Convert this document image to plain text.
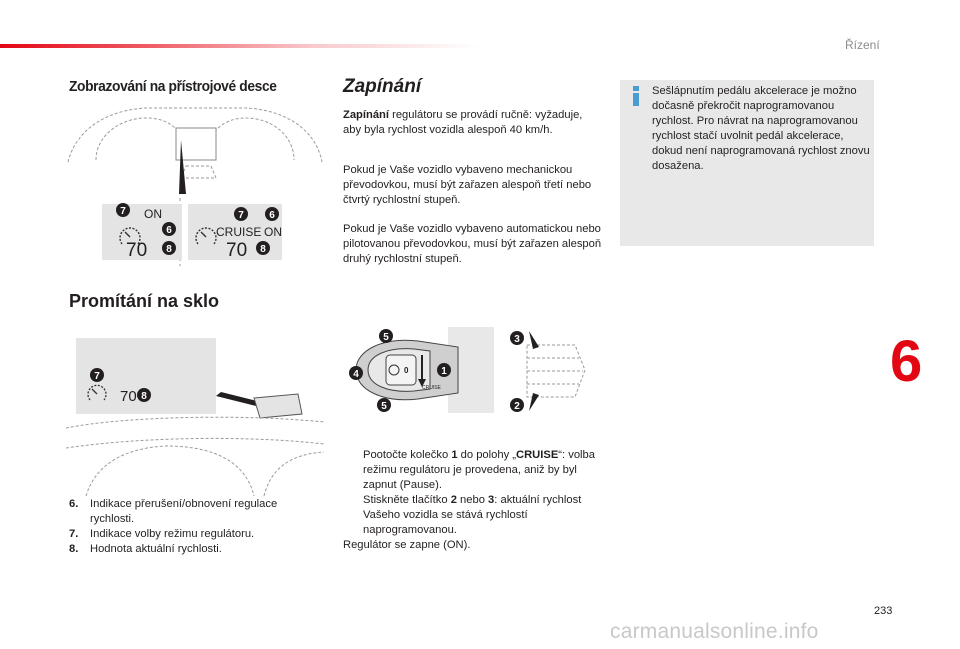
Řízení
Zobrazování na přístrojové desce
ON
70
CRUISE ON
70
7
6
8
7	6
8
Promítání na sklo
70
7
8
6. Indikace přerušení/obnovení regulace rychlosti.
7. Indikace volby režimu regulátoru.
8. Hodnota aktuální rychlosti.
Zapínání
Zapínání regulátoru se provádí ručně: vyžaduje, aby byla rychlost vozidla alespoň 40 km/h.
Pokud je Vaše vozidlo vybaveno mechanickou převodovkou, musí být zařazen alespoň třetí nebo čtvrtý rychlostní stupeň.
Pokud je Vaše vozidlo vybaveno automatickou nebo pilotovanou převodovkou, musí být zařazen alespoň druhý rychlostní stupeň.
0
CRUISE
5
1
4
5
3
2
Pootočte kolečko 1 do polohy „CRUISE“: volba režimu regulátoru je provedena, aniž by byl zapnut (Pause).
Stiskněte tlačítko 2 nebo 3: aktuální rychlost Vašeho vozidla se stává rychlostí naprogramovanou.
Regulátor se zapne (ON).
Sešlápnutím pedálu akcelerace je možno dočasně překročit naprogramovanou rychlost. Pro návrat na naprogramovanou rychlost stačí uvolnit pedál akcelerace, dokud není naprogramovaná rychlost znovu dosažena.
6
233
carmanualsonline.info
